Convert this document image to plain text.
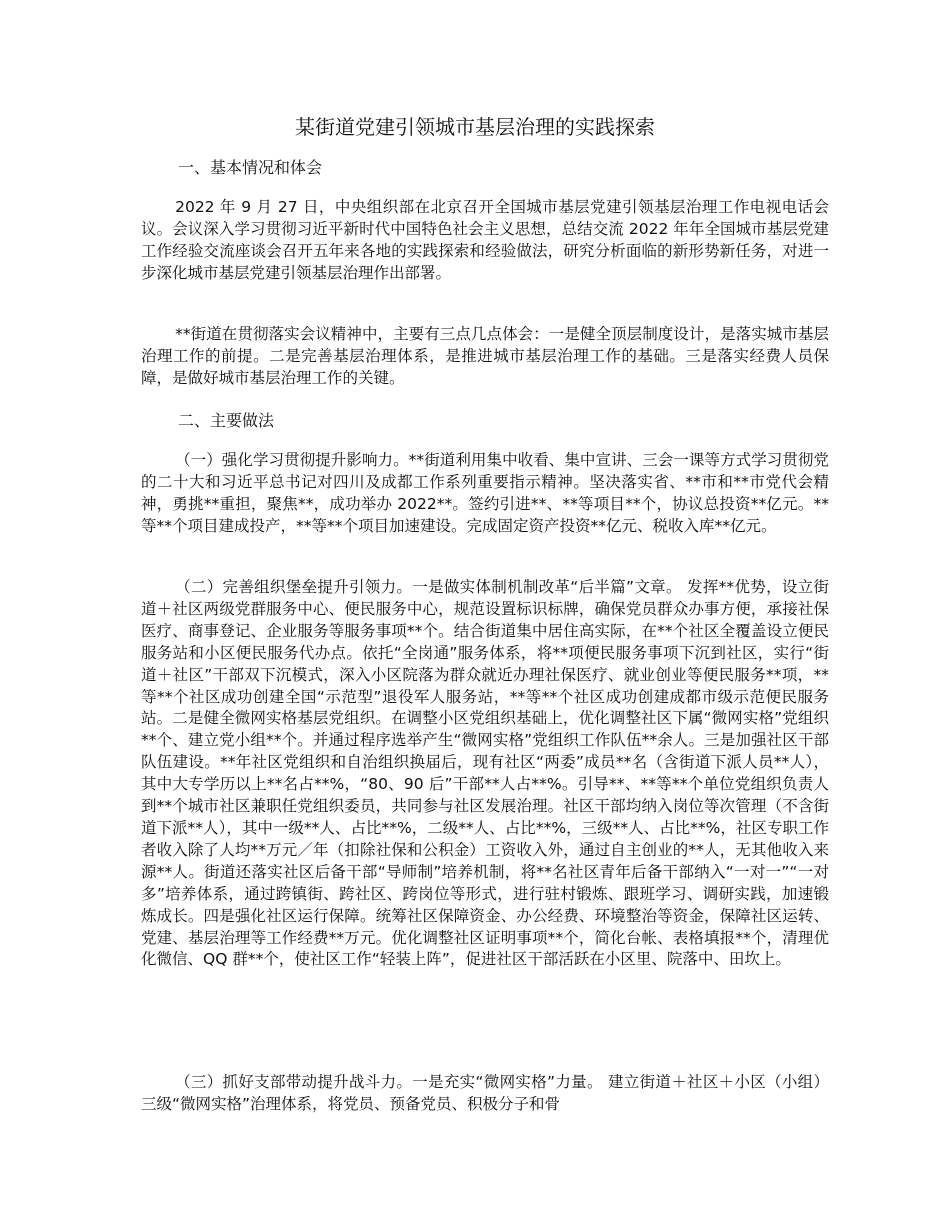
某街道党建引领城市基层治理的实践探索
一、基本情况和体会

2022 年 9 月 27 日，中央组织部在北京召开全国城市基层党建引领基层治理工作电视电话会议。会议深入学习贯彻习近平新时代中国特色社会主义思想，总结交流 2022 年年全国城市基层党建工作经验交流座谈会召开五年来各地的实践探索和经验做法，研究分析面临的新形势新任务，对进一步深化城市基层党建引领基层治理作出部署。

**街道在贯彻落实会议精神中，主要有三点几点体会：一是健全顶层制度设计，是落实城市基层治理工作的前提。二是完善基层治理体系，是推进城市基层治理工作的基础。三是落实经费人员保障，是做好城市基层治理工作的关键。

二、主要做法

（一）强化学习贯彻提升影响力。**街道利用集中收看、集中宣讲、三会一课等方式学习贯彻党的二十大和习近平总书记对四川及成都工作系列重要指示精神。坚决落实省、**市和**市党代会精神，勇挑**重担，聚焦**，成功举办 2022**。签约引进**、**等项目**个，协议总投资**亿元。**等**个项目建成投产，**等**个项目加速建设。完成固定资产投资**亿元、税收入库**亿元。

（二）完善组织堡垒提升引领力。一是做实体制机制改革“后半篇”文章。 发挥**优势，设立街道＋社区两级党群服务中心、便民服务中心，规范设置标识标牌，确保党员群众办事方便，承接社保医疗、商事登记、企业服务等服务事项**个。结合街道集中居住高实际，在**个社区全覆盖设立便民服务站和小区便民服务代办点。依托“全岗通”服务体系，将**项便民服务事项下沉到社区，实行“街道＋社区”干部双下沉模式，深入小区院落为群众就近办理社保医疗、就业创业等便民服务**项，**等**个社区成功创建全国“示范型”退役军人服务站，**等**个社区成功创建成都市级示范便民服务站。二是健全微网实格基层党组织。在调整小区党组织基础上，优化调整社区下属“微网实格”党组织**个、建立党小组**个。并通过程序选举产生“微网实格”党组织工作队伍**余人。三是加强社区干部队伍建设。**年社区党组织和自治组织换届后，现有社区“两委”成员**名（含街道下派人员**人），其中大专学历以上**名占**%，“80、90 后”干部**人占**%。引导**、**等**个单位党组织负责人到**个城市社区兼职任党组织委员，共同参与社区发展治理。社区干部均纳入岗位等次管理（不含街道下派**人），其中一级**人、占比**%，二级**人、占比**%，三级**人、占比**%，社区专职工作者收入除了人均**万元／年（扣除社保和公积金）工资收入外，通过自主创业的**人，无其他收入来源**人。街道还落实社区后备干部“导师制”培养机制，将**名社区青年后备干部纳入“一对一”“一对多”培养体系，通过跨镇街、跨社区、跨岗位等形式，进行驻村锻炼、跟班学习、调研实践，加速锻炼成长。四是强化社区运行保障。统筹社区保障资金、办公经费、环境整治等资金，保障社区运转、党建、基层治理等工作经费**万元。优化调整社区证明事项**个，简化台帐、表格填报**个，清理优化微信、QQ 群**个，使社区工作“轻装上阵”，促进社区干部活跃在小区里、院落中、田坎上。

（三）抓好支部带动提升战斗力。一是充实“微网实格”力量。 建立街道＋社区＋小区（小组）三级“微网实格”治理体系，将党员、预备党员、积极分子和骨
